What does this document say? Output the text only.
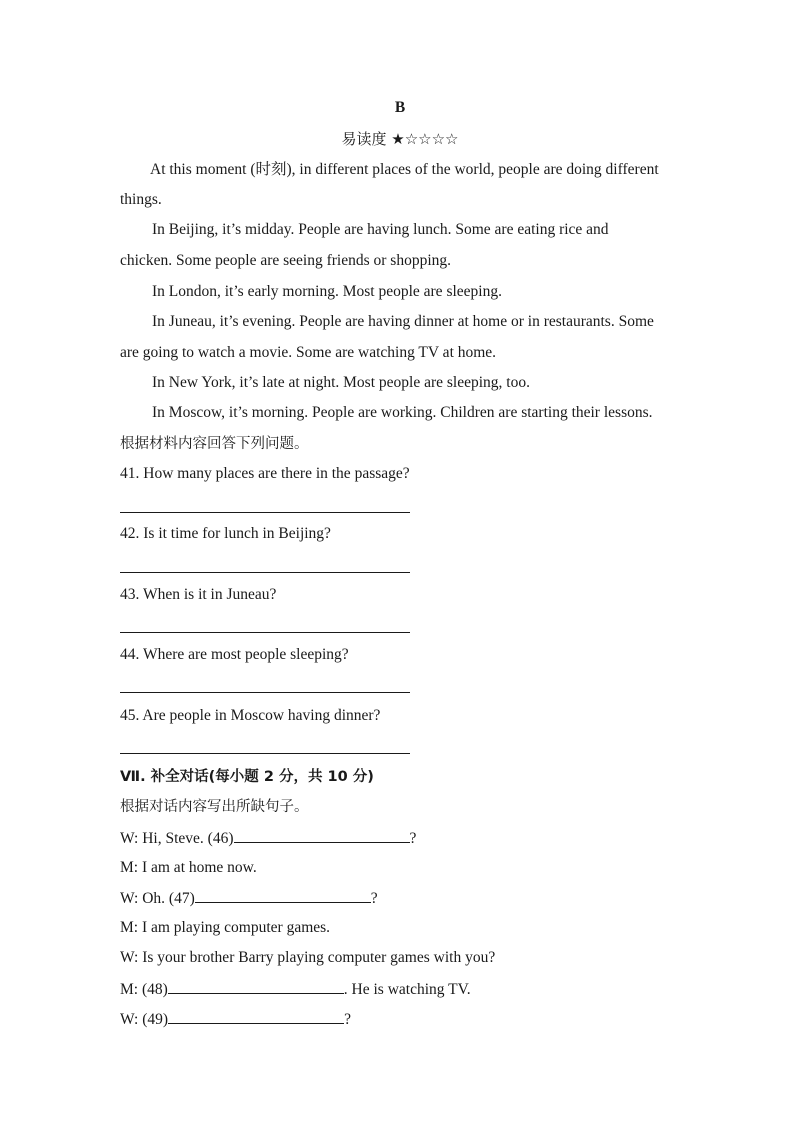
B
易读度 ★☆☆☆☆
At this moment (时刻), in different places of the world, people are doing different
things.
In Beijing, it’s midday. People are having lunch. Some are eating rice and
chicken. Some people are seeing friends or shopping.
In London, it’s early morning. Most people are sleeping.
In Juneau, it’s evening. People are having dinner at home or in restaurants. Some
are going to watch a movie. Some are watching TV at home.
In New York, it’s late at night. Most people are sleeping, too.
In Moscow, it’s morning. People are working. Children are starting their lessons.
根据材料内容回答下列问题。
41. How many places are there in the passage?
42. Is it time for lunch in Beijing?
43. When is it in Juneau?
44. Where are most people sleeping?
45. Are people in Moscow having dinner?
Ⅶ. 补全对话(每小题 2 分，共 10 分)
根据对话内容写出所缺句子。
W: Hi, Steve. (46)	?
M: I am at home now.
W: Oh. (47)	?
M: I am playing computer games.
W: Is your brother Barry playing computer games with you?
M: (48)	. He is watching TV.
W: (49)	?
